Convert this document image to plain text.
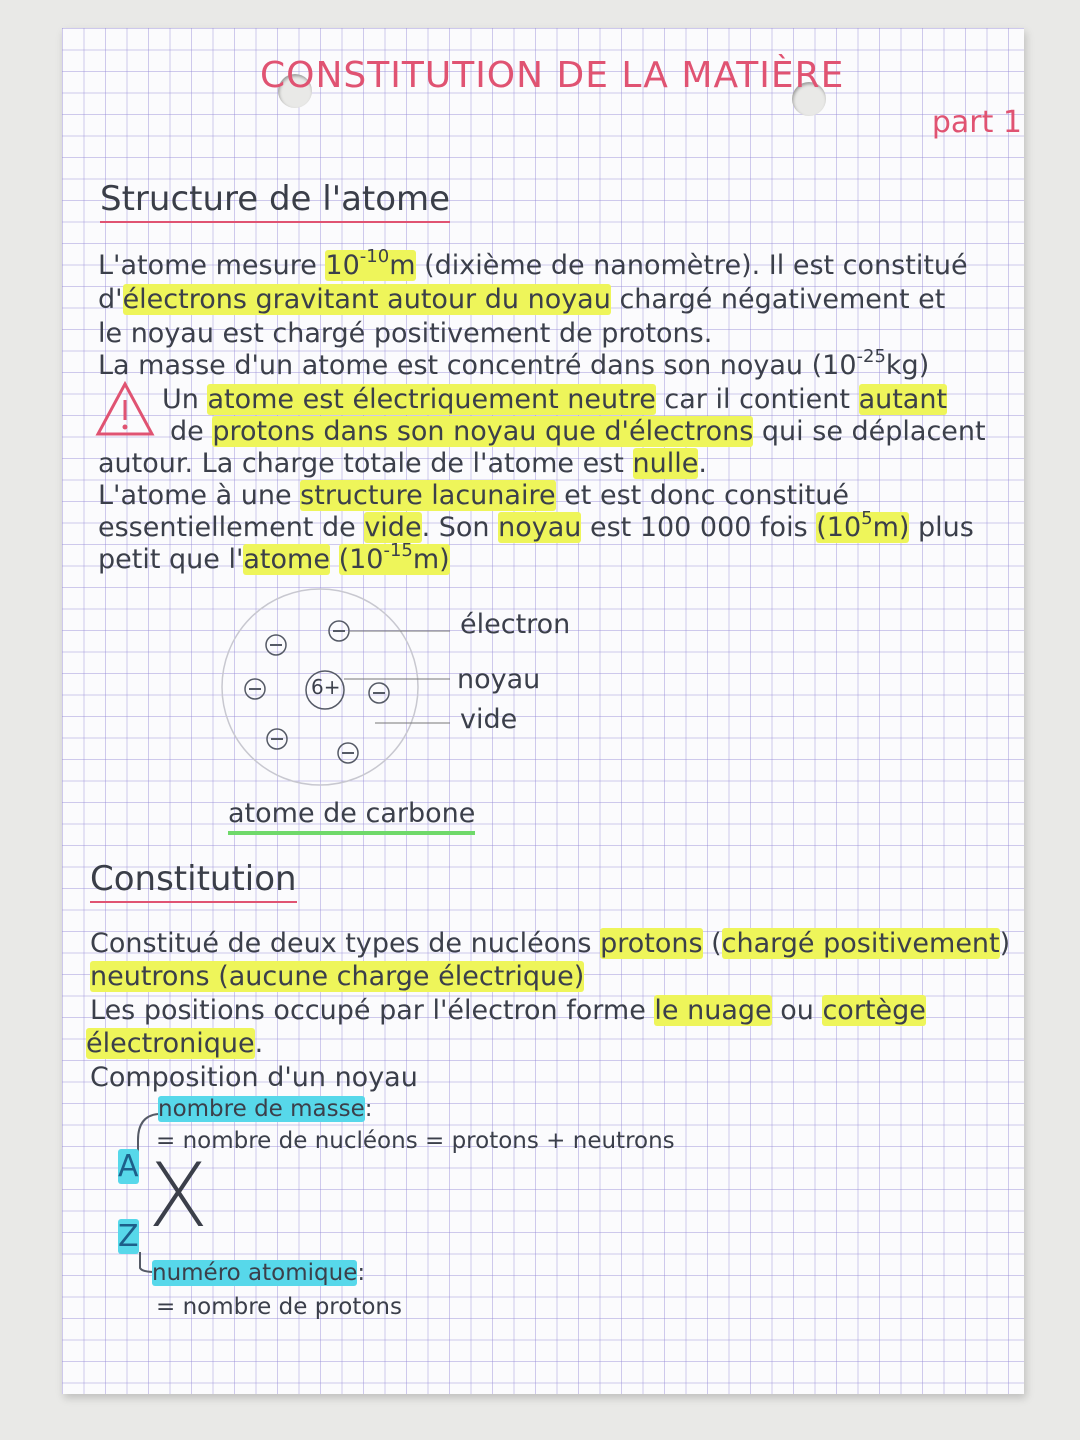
CONSTITUTION DE LA MATIÈRE
part 1
Structure de l'atome
L'atome mesure $10^{-10}m$ (dixième de nanomètre). Il est constitué
d'électrons gravitant autour du noyau chargé négativement et
le noyau est chargé positivement de protons.
La masse d'un atome est concentré dans son noyau $(10^{-25}kg)$
Un atome est électriquement neutre car il contient autant
de protons dans son noyau que d'électrons qui se déplacent
autour. La charge totale de l'atome est nulle.
L'atome à une structure lacunaire et est donc constitué
essentiellement de vide. Son noyau est 100 000 fois $(10^5m)$ plus
petit que l'atome $(10^{-15}m)$
6+
électron
noyau
vide
atome de carbone
Constitution
Constitué de deux types de nucléons protons (chargé positivement)
neutrons (aucune charge électrique)
Les positions occupé par l'électron forme le nuage ou cortège
électronique.
Composition d'un noyau
nombre de masse:
= nombre de nucléons = protons + neutrons
A X
Z
numéro atomique:
= nombre de protons
